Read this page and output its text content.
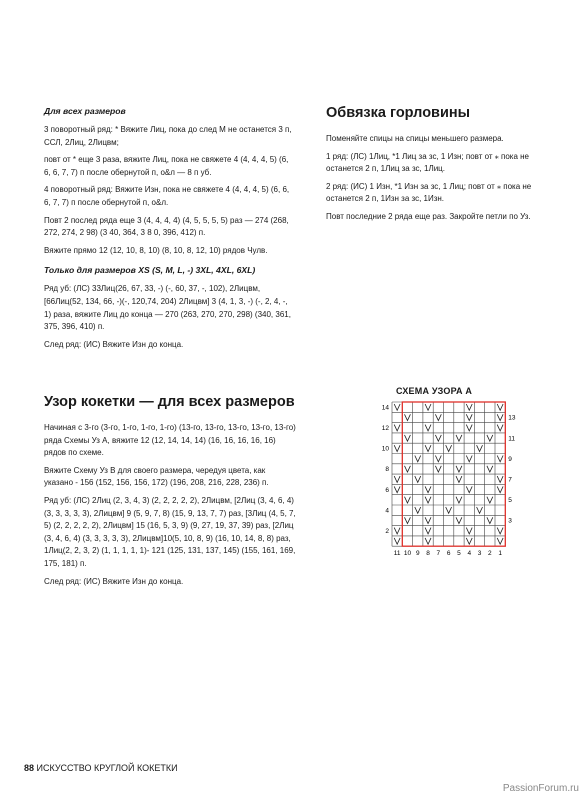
Для всех размеров
3 поворотный ряд: * Вяжите Лиц, пока до след М не останется 3 п, ССЛ, 2Лиц, 2Лицвм;
повт от * еще 3 раза, вяжите Лиц, пока не свяжете 4 (4, 4, 4, 5) (6, 6, 6, 7, 7) п после обернутой п, о&л — 8 п уб.
4 поворотный ряд: Вяжите Изн, пока не свяжете 4 (4, 4, 4, 5) (6, 6, 6, 7, 7) п после обернутой п, о&л.
Повт 2 послед ряда еще 3 (4, 4, 4, 4) (4, 5, 5, 5, 5) раз — 274 (268, 272, 274, 2 98) (3 40, 364, 3 8 0, 396, 412) п.
Вяжите прямо 12 (12, 10, 8, 10) (8, 10, 8, 12, 10) рядов Чулв.
Только для размеров XS (S, M, L, -) 3XL, 4XL, 6XL)
Ряд уб: (ЛС) 33Лиц(26, 67, 33, -) (-, 60, 37, -, 102), 2Лицвм, [66Лиц(52, 134, 66, -)(-, 120,74, 204) 2Лицвм] 3 (4, 1, 3, -) (-, 2, 4, -, 1) раза, вяжите Лиц до конца — 270 (263, 270, 270, 298) (340, 361, 375, 396, 410) п.
След ряд: (ИС) Вяжите Изн до конца.
Узор кокетки — для всех размеров
Начиная с 3-го (3-го, 1-го, 1-го, 1-го) (13-го, 13-го, 13-го, 13-го, 13-го) ряда Схемы Уз А, вяжите 12 (12, 14, 14, 14) (16, 16, 16, 16, 16) рядов по схеме.
Вяжите Схему Уз В для своего размера, чередуя цвета, как указано - 156 (152, 156, 156, 172) (196, 208, 216, 228, 236) п.
Ряд уб: (ЛС) 2Лиц (2, 3, 4, 3) (2, 2, 2, 2, 2), 2Лицвм, [2Лиц (3, 4, 6, 4) (3, 3, 3, 3, 3), 2Лицвм] 9 (5, 9, 7, 8) (15, 9, 13, 7, 7) раз, [3Лиц (4, 5, 7, 5) (2, 2, 2, 2, 2), 2Лицвм] 15 (16, 5, 3, 9) (9, 27, 19, 37, 39) раз, [2Лиц (3, 4, 6, 4) (3, 3, 3, 3, 3), 2Лицвм]10(5, 10, 8, 9) (16, 10, 14, 8, 8) раз, 1Лиц(2, 2, 3, 2) (1, 1, 1, 1, 1)- 121 (125, 131, 137, 145) (155, 161, 169, 175, 181) п.
След ряд: (ИС) Вяжите Изн до конца.
Обвязка горловины
Поменяйте спицы на спицы меньшего размера.
1 ряд: (ЛС) 1Лиц, *1 Лиц за зс, 1 Изн; повт от ⁎ пока не останется 2 п, 1Лиц за зс, 1Лиц.
2 ряд: (ИС) 1 Изн, *1 Изн за зс, 1 Лиц; повт от ⁎ пока не останется 2 п, 1Изн за зс, 1Изн.
Повт последние 2 ряда еще раз. Закройте петли по Уз.
СХЕМА УЗОРА А
14
12
10
8
6
4
2
13
11
9
7
5
3
11 10 9 8 7 6 5 4 3 2 1
88 ИСКУССТВО КРУГЛОЙ КОКЕТКИ
PassionForum.ru
